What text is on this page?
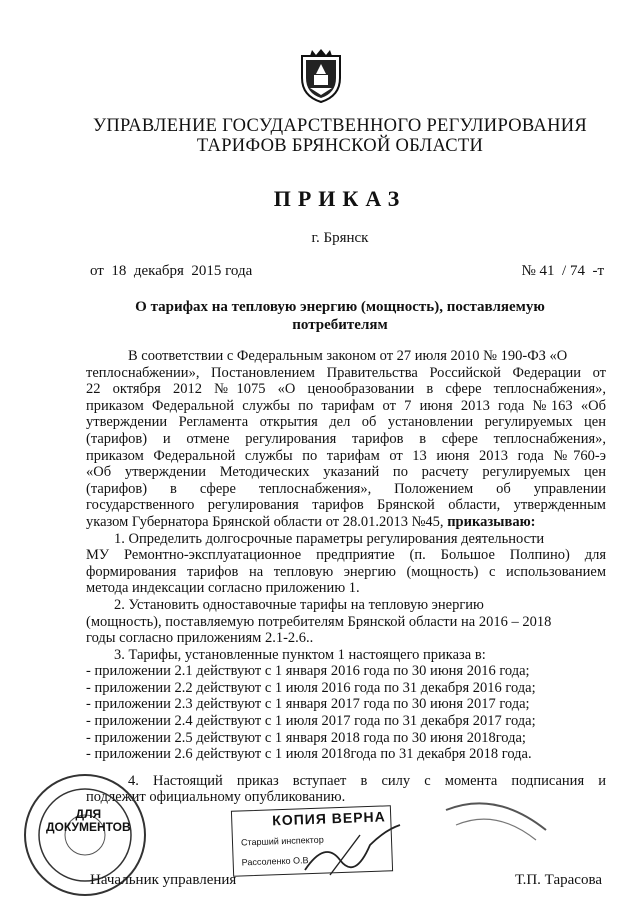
УПРАВЛЕНИЕ ГОСУДАРСТВЕННОГО РЕГУЛИРОВАНИЯ
ТАРИФОВ БРЯНСКОЙ ОБЛАСТИ
ПРИКАЗ
г. Брянск
от  18  декабря  2015 года	№ 41  / 74  -т
О тарифах на тепловую энергию (мощность), поставляемую
потребителям
В соответствии с Федеральным законом от 27 июля 2010 № 190-ФЗ «О
теплоснабжении», Постановлением Правительства Российской Федерации от
22 октября 2012 №1075 «О ценообразовании в сфере теплоснабжения»,
приказом Федеральной службы по тарифам от 7 июня 2013 года №163 «Об
утверждении Регламента открытия дел об установлении регулируемых цен
(тарифов) и отмене регулирования тарифов в сфере теплоснабжения»,
приказом Федеральной службы по тарифам от 13 июня 2013 года №760-э
«Об утверждении Методических указаний по расчету регулируемых цен
(тарифов) в сфере теплоснабжения», Положением об управлении
государственного регулирования тарифов Брянской области, утвержденным
указом Губернатора Брянской области от 28.01.2013 №45, приказываю:
1. Определить долгосрочные параметры регулирования деятельности
МУ Ремонтно-эксплуатационное предприятие (п. Большое Полпино) для
формирования тарифов на тепловую энергию (мощность) с использованием
метода индексации согласно приложению 1.
2. Установить одноставочные тарифы на тепловую энергию
(мощность), поставляемую потребителям Брянской области на 2016 – 2018
годы согласно приложениям 2.1-2.6..
3. Тарифы, установленные пунктом 1 настоящего приказа в:
- приложении 2.1 действуют с 1 января 2016 года по 30 июня 2016 года;
- приложении 2.2 действуют с 1 июля 2016 года по 31 декабря 2016 года;
- приложении 2.3 действуют с 1 января 2017 года по 30 июня 2017 года;
- приложении 2.4 действуют с 1 июля 2017 года по 31 декабря 2017 года;
- приложении 2.5 действуют с 1 января 2018 года по 30 июня 2018года;
- приложении 2.6 действуют с 1 июля 2018года по 31 декабря 2018 года.
4. Настоящий приказ вступает в силу с момента подписания и
подлежит официальному опубликованию.
ДЛЯ
ДОКУМЕНТОВ	КОПИЯ ВЕРНА
Старший инспектор
Рассоленко О.В.
Начальник управления	Т.П. Тарасова
